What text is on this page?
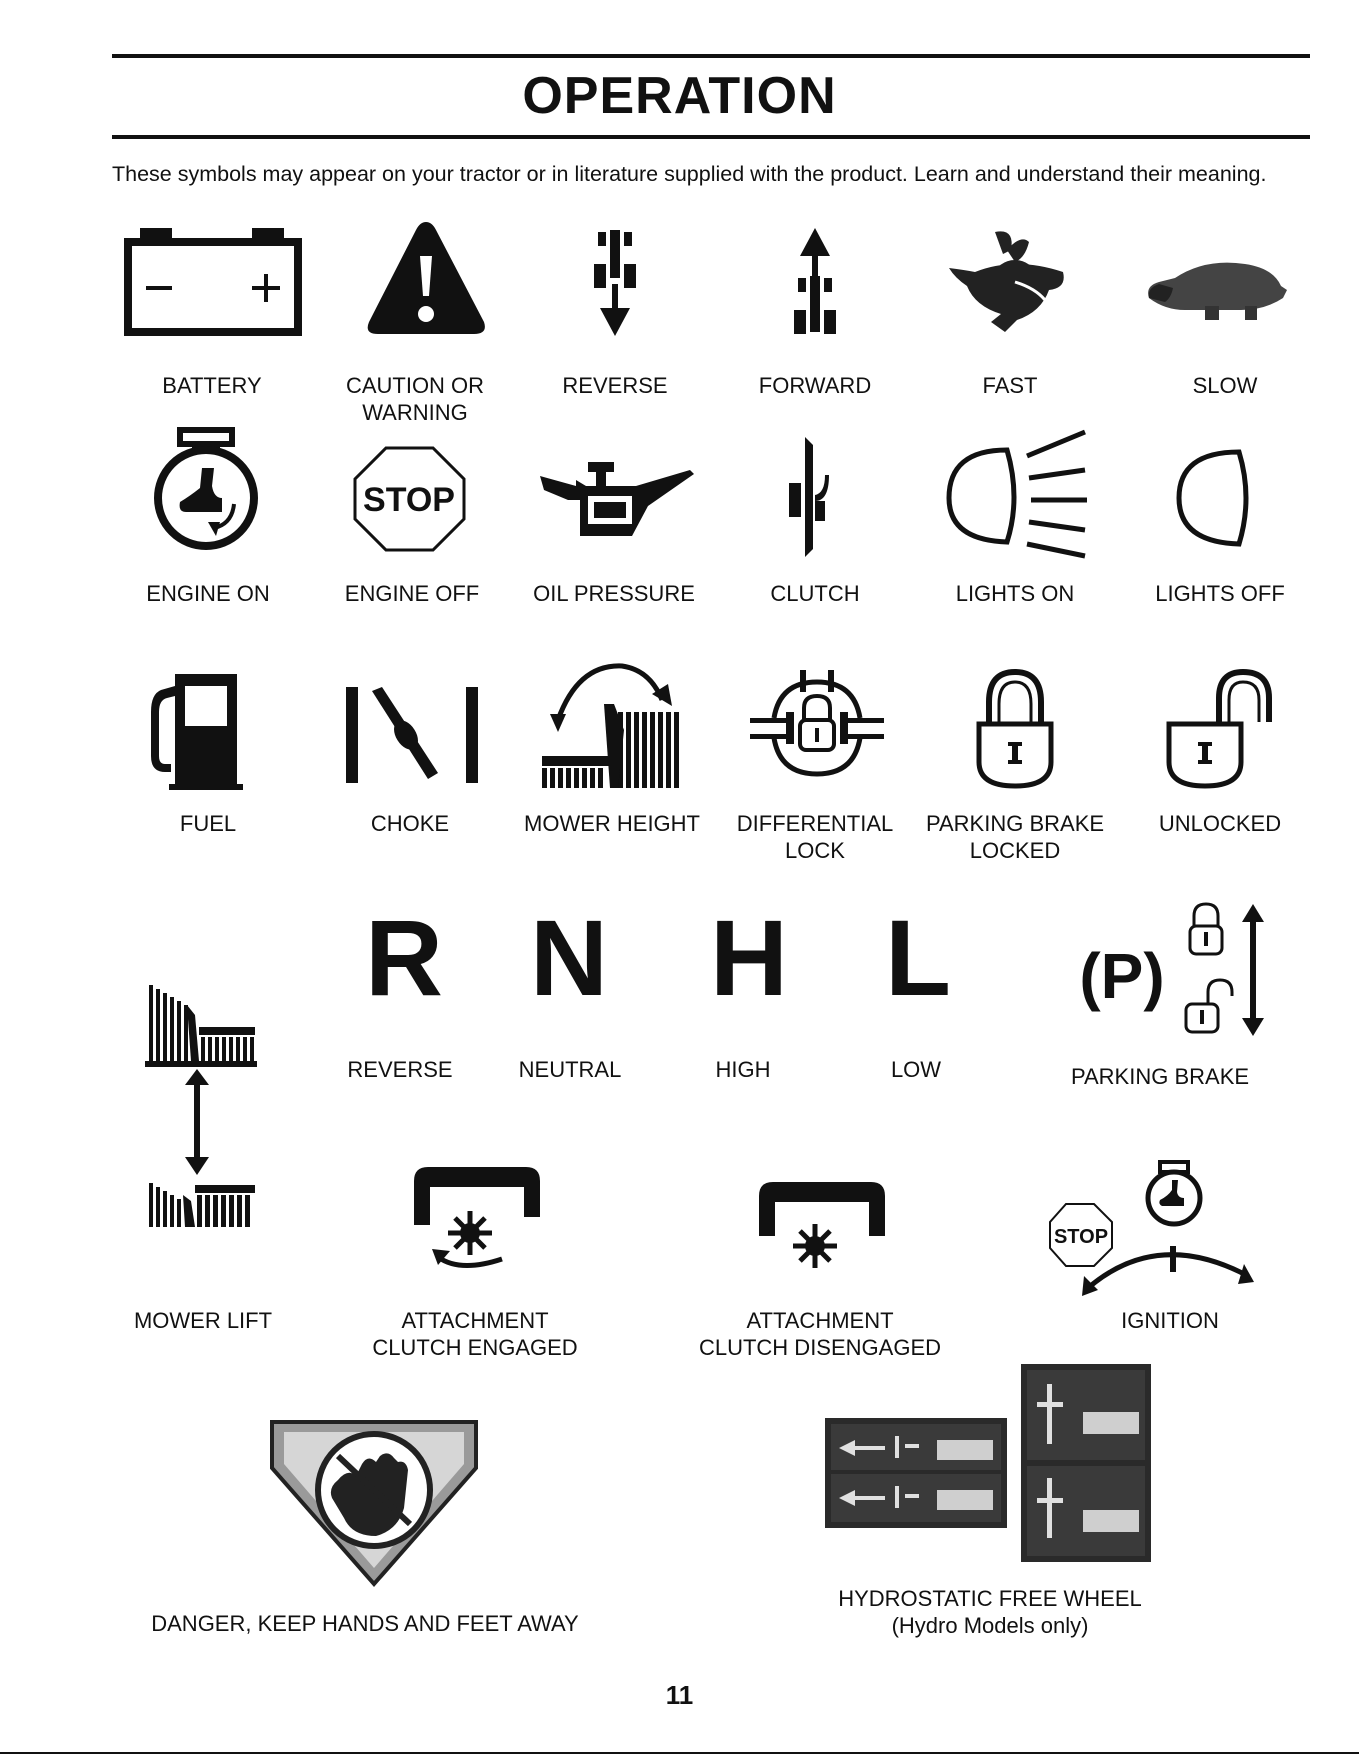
OPERATION
These symbols may appear on your tractor or in literature supplied with the product. Learn and understand their meaning.
BATTERY	CAUTION OR
WARNING
REVERSE	FORWARD	FAST	SLOW
ENGINE ON
STOP
ENGINE OFF	OIL PRESSURE	CLUTCH	LIGHTS ON	LIGHTS OFF
FUEL	CHOKE	MOWER HEIGHT	DIFFERENTIAL
LOCK
PARKING BRAKE
LOCKED
UNLOCKED
R
REVERSE
N
NEUTRAL
H
HIGH
L
LOW
(P)
PARKING BRAKE
MOWER LIFT	ATTACHMENT
CLUTCH ENGAGED
ATTACHMENT
CLUTCH DISENGAGED
STOP
IGNITION
DANGER, KEEP HANDS AND FEET AWAY
HYDROSTATIC FREE WHEEL
(Hydro Models only)
11
